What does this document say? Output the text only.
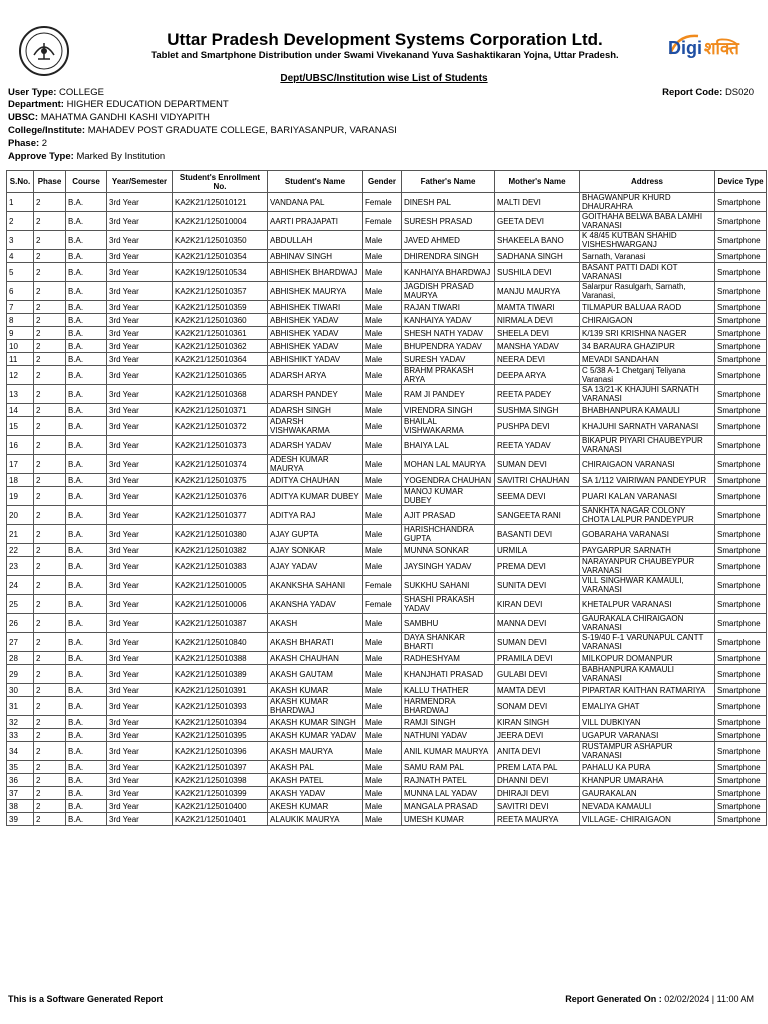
Uttar Pradesh Development Systems Corporation Ltd.
Tablet and Smartphone Distribution under Swami Vivekanand Yuva Sashaktikaran Yojna, Uttar Pradesh.	Digi शक्ति
Dept/UBSC/Institution wise List of Students
Report Code: DS020
User Type: COLLEGE
Department: HIGHER EDUCATION DEPARTMENT
UBSC: MAHATMA GANDHI KASHI VIDYAPITH
College/Institute: MAHADEV POST GRADUATE COLLEGE, BARIYASANPUR, VARANASI
Phase: 2
Approve Type: Marked By Institution
S.No.	Phase	Course	Year/Semester	Student's Enrollment No.	Student's Name	Gender	Father's Name	Mother's Name	Address	Device Type
1	2	B.A.	3rd Year	KA2K21/125010121	VANDANA PAL	Female	DINESH PAL	MALTI DEVI	BHAGWANPUR KHURD DHAURAHRA	Smartphone
2	2	B.A.	3rd Year	KA2K21/125010004	AARTI PRAJAPATI	Female	SURESH PRASAD	GEETA DEVI	GOITHAHA BELWA BABA LAMHI VARANASI	Smartphone
3	2	B.A.	3rd Year	KA2K21/125010350	ABDULLAH	Male	JAVED AHMED	SHAKEELA BANO	K 48/45 KUTBAN SHAHID VISHESHWARGANJ	Smartphone
4	2	B.A.	3rd Year	KA2K21/125010354	ABHINAV SINGH	Male	DHIRENDRA SINGH	SADHANA SINGH	Sarnath, Varanasi	Smartphone
5	2	B.A.	3rd Year	KA2K19/125010534	ABHISHEK BHARDWAJ	Male	KANHAIYA BHARDWAJ	SUSHILA DEVI	BASANT PATTI DADI KOT VARANASI	Smartphone
6	2	B.A.	3rd Year	KA2K21/125010357	ABHISHEK MAURYA	Male	JAGDISH PRASAD MAURYA	MANJU MAURYA	Salarpur Rasulgarh, Sarnath, Varanasi,	Smartphone
7	2	B.A.	3rd Year	KA2K21/125010359	ABHISHEK TIWARI	Male	RAJAN TIWARI	MAMTA TIWARI	TILMAPUR BALUAA RAOD	Smartphone
8	2	B.A.	3rd Year	KA2K21/125010360	ABHISHEK YADAV	Male	KANHAIYA YADAV	NIRMALA DEVI	CHIRAIGAON	Smartphone
9	2	B.A.	3rd Year	KA2K21/125010361	ABHISHEK YADAV	Male	SHESH NATH YADAV	SHEELA DEVI	K/139 SRI KRISHNA NAGER	Smartphone
10	2	B.A.	3rd Year	KA2K21/125010362	ABHISHEK YADAV	Male	BHUPENDRA YADAV	MANSHA YADAV	34 BARAURA GHAZIPUR	Smartphone
11	2	B.A.	3rd Year	KA2K21/125010364	ABHISHIKT YADAV	Male	SURESH YADAV	NEERA DEVI	MEVADI SANDAHAN	Smartphone
12	2	B.A.	3rd Year	KA2K21/125010365	ADARSH ARYA	Male	BRAHM PRAKASH ARYA	DEEPA ARYA	C 5/38 A-1 Chetganj Teliyana Varanasi	Smartphone
13	2	B.A.	3rd Year	KA2K21/125010368	ADARSH PANDEY	Male	RAM JI PANDEY	REETA PADEY	SA 13/21-K KHAJUHI SARNATH VARANASI	Smartphone
14	2	B.A.	3rd Year	KA2K21/125010371	ADARSH SINGH	Male	VIRENDRA SINGH	SUSHMA SINGH	BHABHANPURA KAMAULI	Smartphone
15	2	B.A.	3rd Year	KA2K21/125010372	ADARSH VISHWAKARMA	Male	BHAILAL VISHWAKARMA	PUSHPA DEVI	KHAJUHI SARNATH VARANASI	Smartphone
16	2	B.A.	3rd Year	KA2K21/125010373	ADARSH YADAV	Male	BHAIYA LAL	REETA YADAV	BIKAPUR PIYARI CHAUBEYPUR VARANASI	Smartphone
17	2	B.A.	3rd Year	KA2K21/125010374	ADESH KUMAR MAURYA	Male	MOHAN LAL MAURYA	SUMAN DEVI	CHIRAIGAON VARANASI	Smartphone
18	2	B.A.	3rd Year	KA2K21/125010375	ADITYA CHAUHAN	Male	YOGENDRA CHAUHAN	SAVITRI CHAUHAN	SA 1/112 VAIRIWAN PANDEYPUR	Smartphone
19	2	B.A.	3rd Year	KA2K21/125010376	ADITYA KUMAR DUBEY	Male	MANOJ KUMAR DUBEY	SEEMA DEVI	PUARI KALAN VARANASI	Smartphone
20	2	B.A.	3rd Year	KA2K21/125010377	ADITYA RAJ	Male	AJIT PRASAD	SANGEETA RANI	SANKHTA NAGAR COLONY CHOTA LALPUR PANDEYPUR	Smartphone
21	2	B.A.	3rd Year	KA2K21/125010380	AJAY GUPTA	Male	HARISHCHANDRA GUPTA	BASANTI DEVI	GOBARAHA VARANASI	Smartphone
22	2	B.A.	3rd Year	KA2K21/125010382	AJAY SONKAR	Male	MUNNA SONKAR	URMILA	PAYGARPUR SARNATH	Smartphone
23	2	B.A.	3rd Year	KA2K21/125010383	AJAY YADAV	Male	JAYSINGH YADAV	PREMA DEVI	NARAYANPUR CHAUBEYPUR VARANASI	Smartphone
24	2	B.A.	3rd Year	KA2K21/125010005	AKANKSHA SAHANI	Female	SUKKHU SAHANI	SUNITA DEVI	VILL SINGHWAR KAMAULI, VARANASI	Smartphone
25	2	B.A.	3rd Year	KA2K21/125010006	AKANSHA YADAV	Female	SHASHI PRAKASH YADAV	KIRAN DEVI	KHETALPUR VARANASI	Smartphone
26	2	B.A.	3rd Year	KA2K21/125010387	AKASH	Male	SAMBHU	MANNA DEVI	GAURAKALA CHIRAIGAON VARANASI	Smartphone
27	2	B.A.	3rd Year	KA2K21/125010840	AKASH BHARATI	Male	DAYA SHANKAR BHARTI	SUMAN DEVI	S-19/40 F-1 VARUNAPUL CANTT VARANASI	Smartphone
28	2	B.A.	3rd Year	KA2K21/125010388	AKASH CHAUHAN	Male	RADHESHYAM	PRAMILA DEVI	MILKOPUR DOMANPUR	Smartphone
29	2	B.A.	3rd Year	KA2K21/125010389	AKASH GAUTAM	Male	KHANJHATI PRASAD	GULABI DEVI	BABHANPURA KAMAULI VARANASI	Smartphone
30	2	B.A.	3rd Year	KA2K21/125010391	AKASH KUMAR	Male	KALLU THATHER	MAMTA DEVI	PIPARTAR KAITHAN RATMARIYA	Smartphone
31	2	B.A.	3rd Year	KA2K21/125010393	AKASH KUMAR BHARDWAJ	Male	HARMENDRA BHARDWAJ	SONAM DEVI	EMALIYA GHAT	Smartphone
32	2	B.A.	3rd Year	KA2K21/125010394	AKASH KUMAR SINGH	Male	RAMJI SINGH	KIRAN SINGH	VILL DUBKIYAN	Smartphone
33	2	B.A.	3rd Year	KA2K21/125010395	AKASH KUMAR YADAV	Male	NATHUNI YADAV	JEERA DEVI	UGAPUR VARANASI	Smartphone
34	2	B.A.	3rd Year	KA2K21/125010396	AKASH MAURYA	Male	ANIL KUMAR MAURYA	ANITA DEVI	RUSTAMPUR ASHAPUR VARANASI	Smartphone
35	2	B.A.	3rd Year	KA2K21/125010397	AKASH PAL	Male	SAMU RAM PAL	PREM LATA PAL	PAHALU KA PURA	Smartphone
36	2	B.A.	3rd Year	KA2K21/125010398	AKASH PATEL	Male	RAJNATH PATEL	DHANNI DEVI	KHANPUR UMARAHA	Smartphone
37	2	B.A.	3rd Year	KA2K21/125010399	AKASH YADAV	Male	MUNNA LAL YADAV	DHIRAJI DEVI	GAURAKALAN	Smartphone
38	2	B.A.	3rd Year	KA2K21/125010400	AKESH KUMAR	Male	MANGALA PRASAD	SAVITRI DEVI	NEVADA KAMAULI	Smartphone
39	2	B.A.	3rd Year	KA2K21/125010401	ALAUKIK MAURYA	Male	UMESH KUMAR	REETA MAURYA	VILLAGE- CHIRAIGAON	Smartphone
This is a Software Generated Report	Report Generated On : 02/02/2024 | 11:00 AM
